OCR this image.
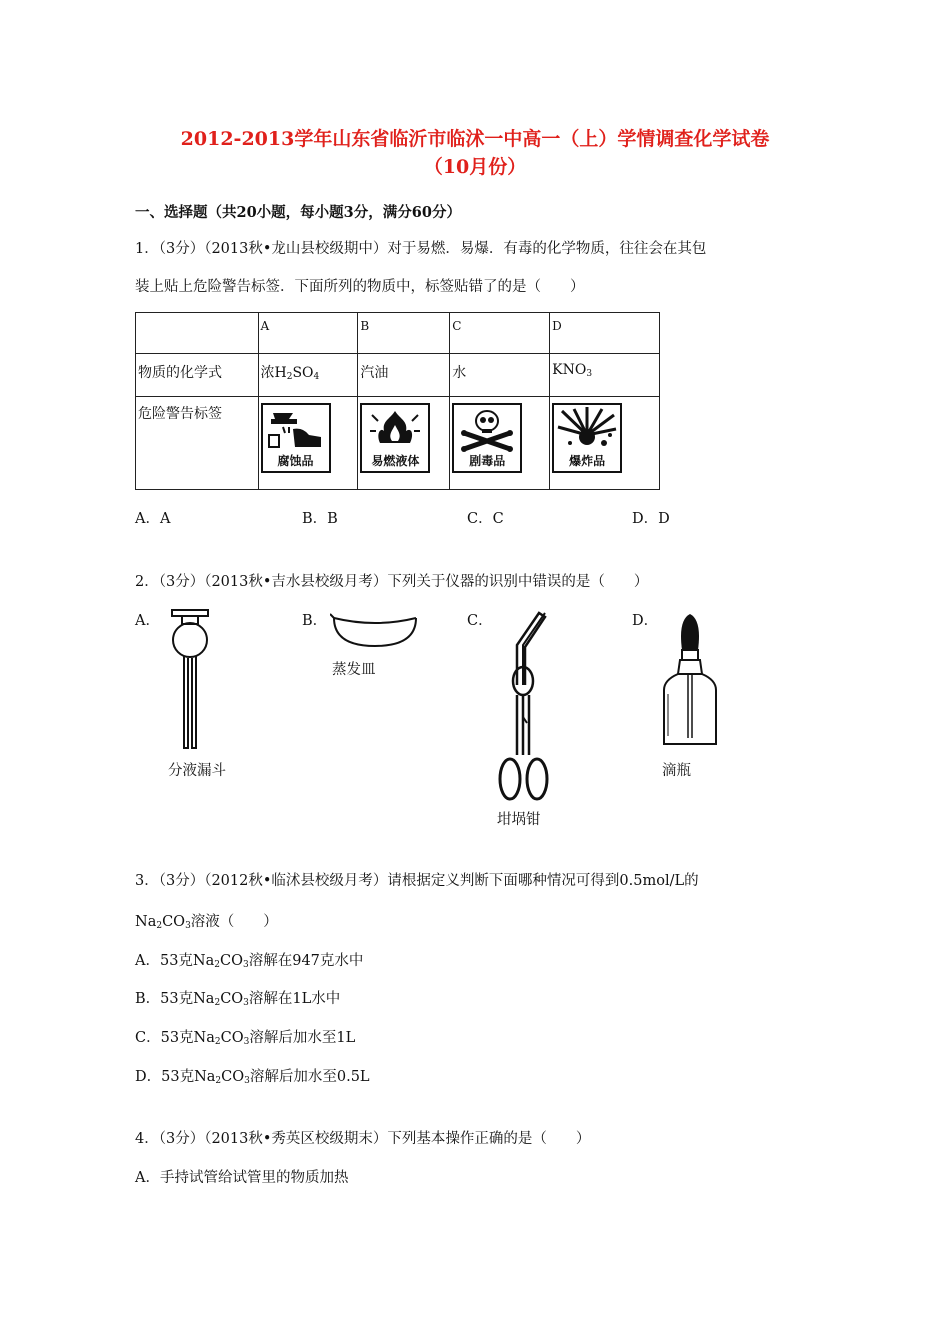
2012-2013学年山东省临沂市临沭一中高一（上）学情调查化学试卷
（10月份）
一、选择题（共20小题，每小题3分，满分60分）
1．（3分）（2013秋•龙山县校级期中）对于易燃．易爆．有毒的化学物质，往往会在其包
装上贴上危险警告标签．下面所列的物质中，标签贴错了的是（　　）
	A	B	C	D
物质的化学式	浓$H_2SO_4$	汽油	水	$KNO_3$
危险警告标签	腐蚀品	易燃液体	剧毒品	爆炸品
A．A	B．B	C．C	D．D
2．（3分）（2013秋•吉水县校级月考）下列关于仪器的识别中错误的是（　　）
A．	B．	C．	D．
分液漏斗
蒸发皿
坩埚钳
滴瓶
3．（3分）（2012秋•临沭县校级月考）请根据定义判断下面哪种情况可得到0.5mol/L的
$Na_2CO_3$溶液（　　）
A．53克$Na_2CO_3$溶解在947克水中
B．53克$Na_2CO_3$溶解在1L水中
C．53克$Na_2CO_3$溶解后加水至1L
D．53克$Na_2CO_3$溶解后加水至0.5L
4．（3分）（2013秋•秀英区校级期末）下列基本操作正确的是（　　）
A．手持试管给试管里的物质加热
